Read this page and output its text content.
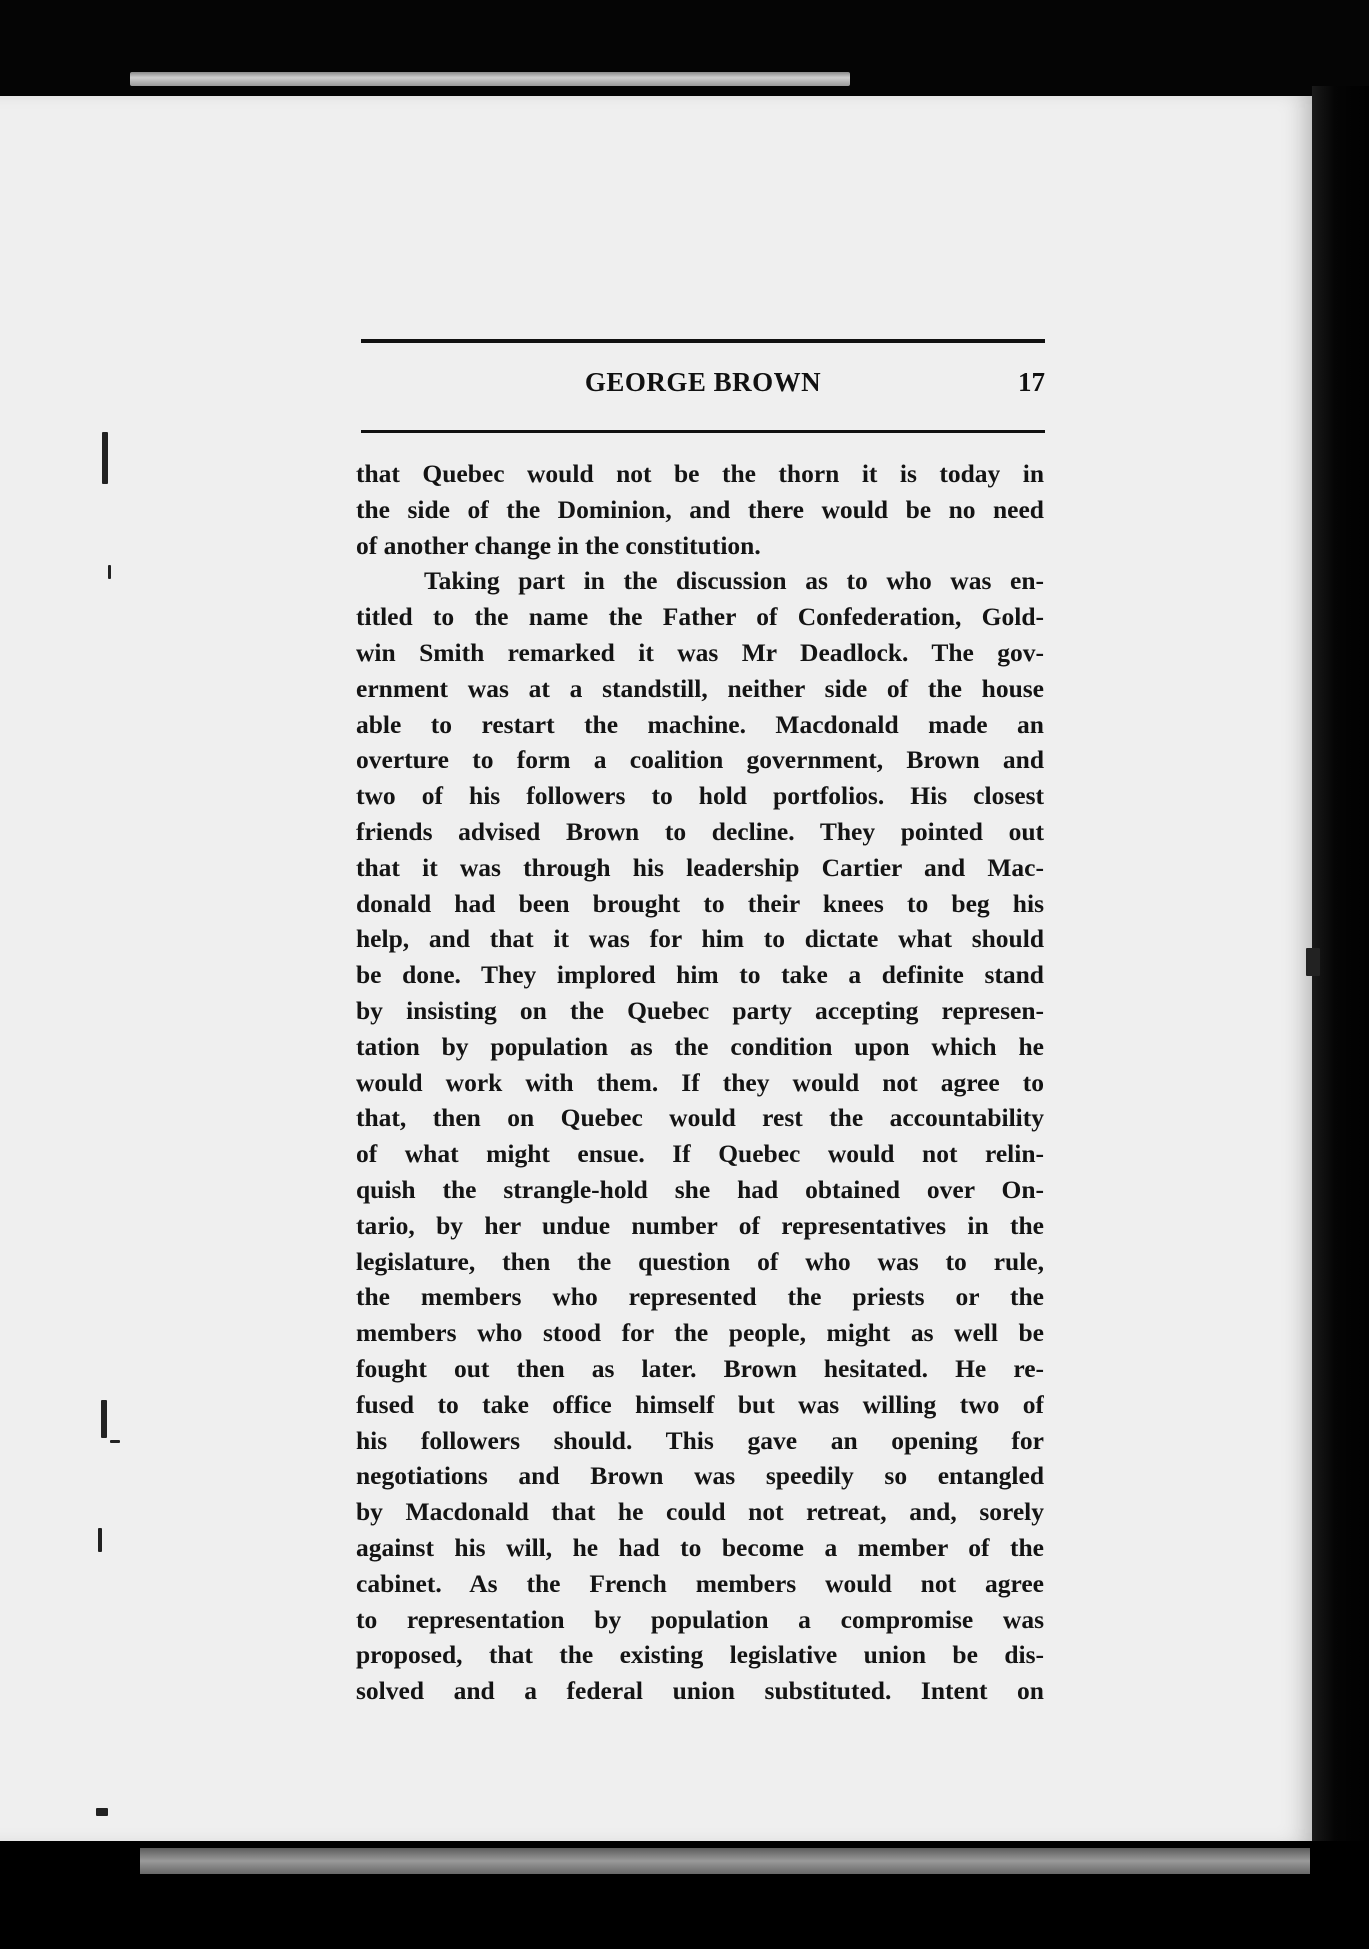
GEORGE BROWN	17
that Quebec would not be the thorn it is today in
the side of the Dominion, and there would be no need
of another change in the constitution.
Taking part in the discussion as to who was en-
titled to the name the Father of Confederation, Gold-
win Smith remarked it was Mr Deadlock. The gov-
ernment was at a standstill, neither side of the house
able to restart the machine. Macdonald made an
overture to form a coalition government, Brown and
two of his followers to hold portfolios. His closest
friends advised Brown to decline. They pointed out
that it was through his leadership Cartier and Mac-
donald had been brought to their knees to beg his
help, and that it was for him to dictate what should
be done. They implored him to take a definite stand
by insisting on the Quebec party accepting represen-
tation by population as the condition upon which he
would work with them. If they would not agree to
that, then on Quebec would rest the accountability
of what might ensue. If Quebec would not relin-
quish the strangle-hold she had obtained over On-
tario, by her undue number of representatives in the
legislature, then the question of who was to rule,
the members who represented the priests or the
members who stood for the people, might as well be
fought out then as later. Brown hesitated. He re-
fused to take office himself but was willing two of
his followers should. This gave an opening for
negotiations and Brown was speedily so entangled
by Macdonald that he could not retreat, and, sorely
against his will, he had to become a member of the
cabinet. As the French members would not agree
to representation by population a compromise was
proposed, that the existing legislative union be dis-
solved and a federal union substituted. Intent on
